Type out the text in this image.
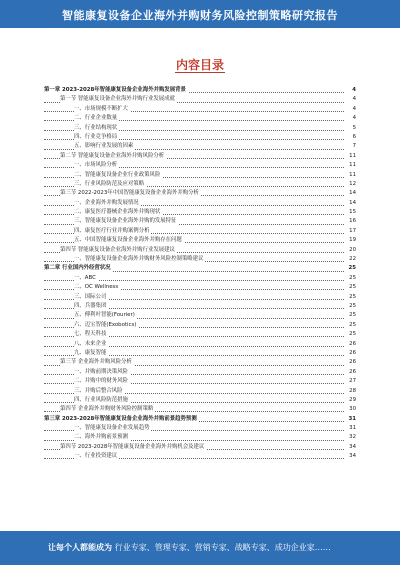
智能康复设备企业海外并购财务风险控制策略研究报告
内容目录
第一章 2023-2028年智能康复设备企业海外并购发展背景	4
第一节 智能康复设备企业海外并购行业发展成就	4
一、市场规模不断扩大	4
二、行业企业数量	4
三、行业结构现状	5
四、行业竞争格局	6
五、影响行业发展的因素	7
第二节 智能康复设备企业海外并购风险分析	11
一、市场风险分析	11
二、智能康复设备企业行业政策风险	11
三、行业风险防范及应对策略	12
第三节 2022-2023年中国智能康复设备企业海外并购分析	14
一、企业海外并购发展情况	14
二、康复医疗器械企业海外并购现状	15
三、智能康复设备企业海外并购的发展特征	16
四、康复医疗行业并购案例分析	17
五、中国智能康复设备企业海外并购存在问题	19
第四节 智能康复设备企业海外并购行业发展建议	20
一、智能康复设备企业海外并购财务风险控制策略建议	22
第二章 行业国内外经营状况	25
一、ABC	25
二、OC Wellness	25
三、国际公司	25
四、兵器集团	25
五、傅利叶智能(Fourier)	25
六、迈宝智能(Exobotics)	25
七、程天科技	25
八、未来企业	26
九、康复智能	26
第三节 企业海外并购风险分析	26
一、并购前期决策风险	26
二、并购中的财务风险	27
三、并购后整合风险	28
四、行业风险防范措施	29
第四节 企业海外并购财务风险控制策略	30
第三章 2023-2028年智能康复设备企业海外并购前景趋势预测	31
一、智能康复设备企业发展趋势	31
二、海外并购前景预测	32
第四节 2023-2028年智能康复设备企业海外并购机会及建议	34
一、行业投资建议	34
让每个人都能成为 行业专家、管理专家、营销专家、战略专家、成功企业家……
